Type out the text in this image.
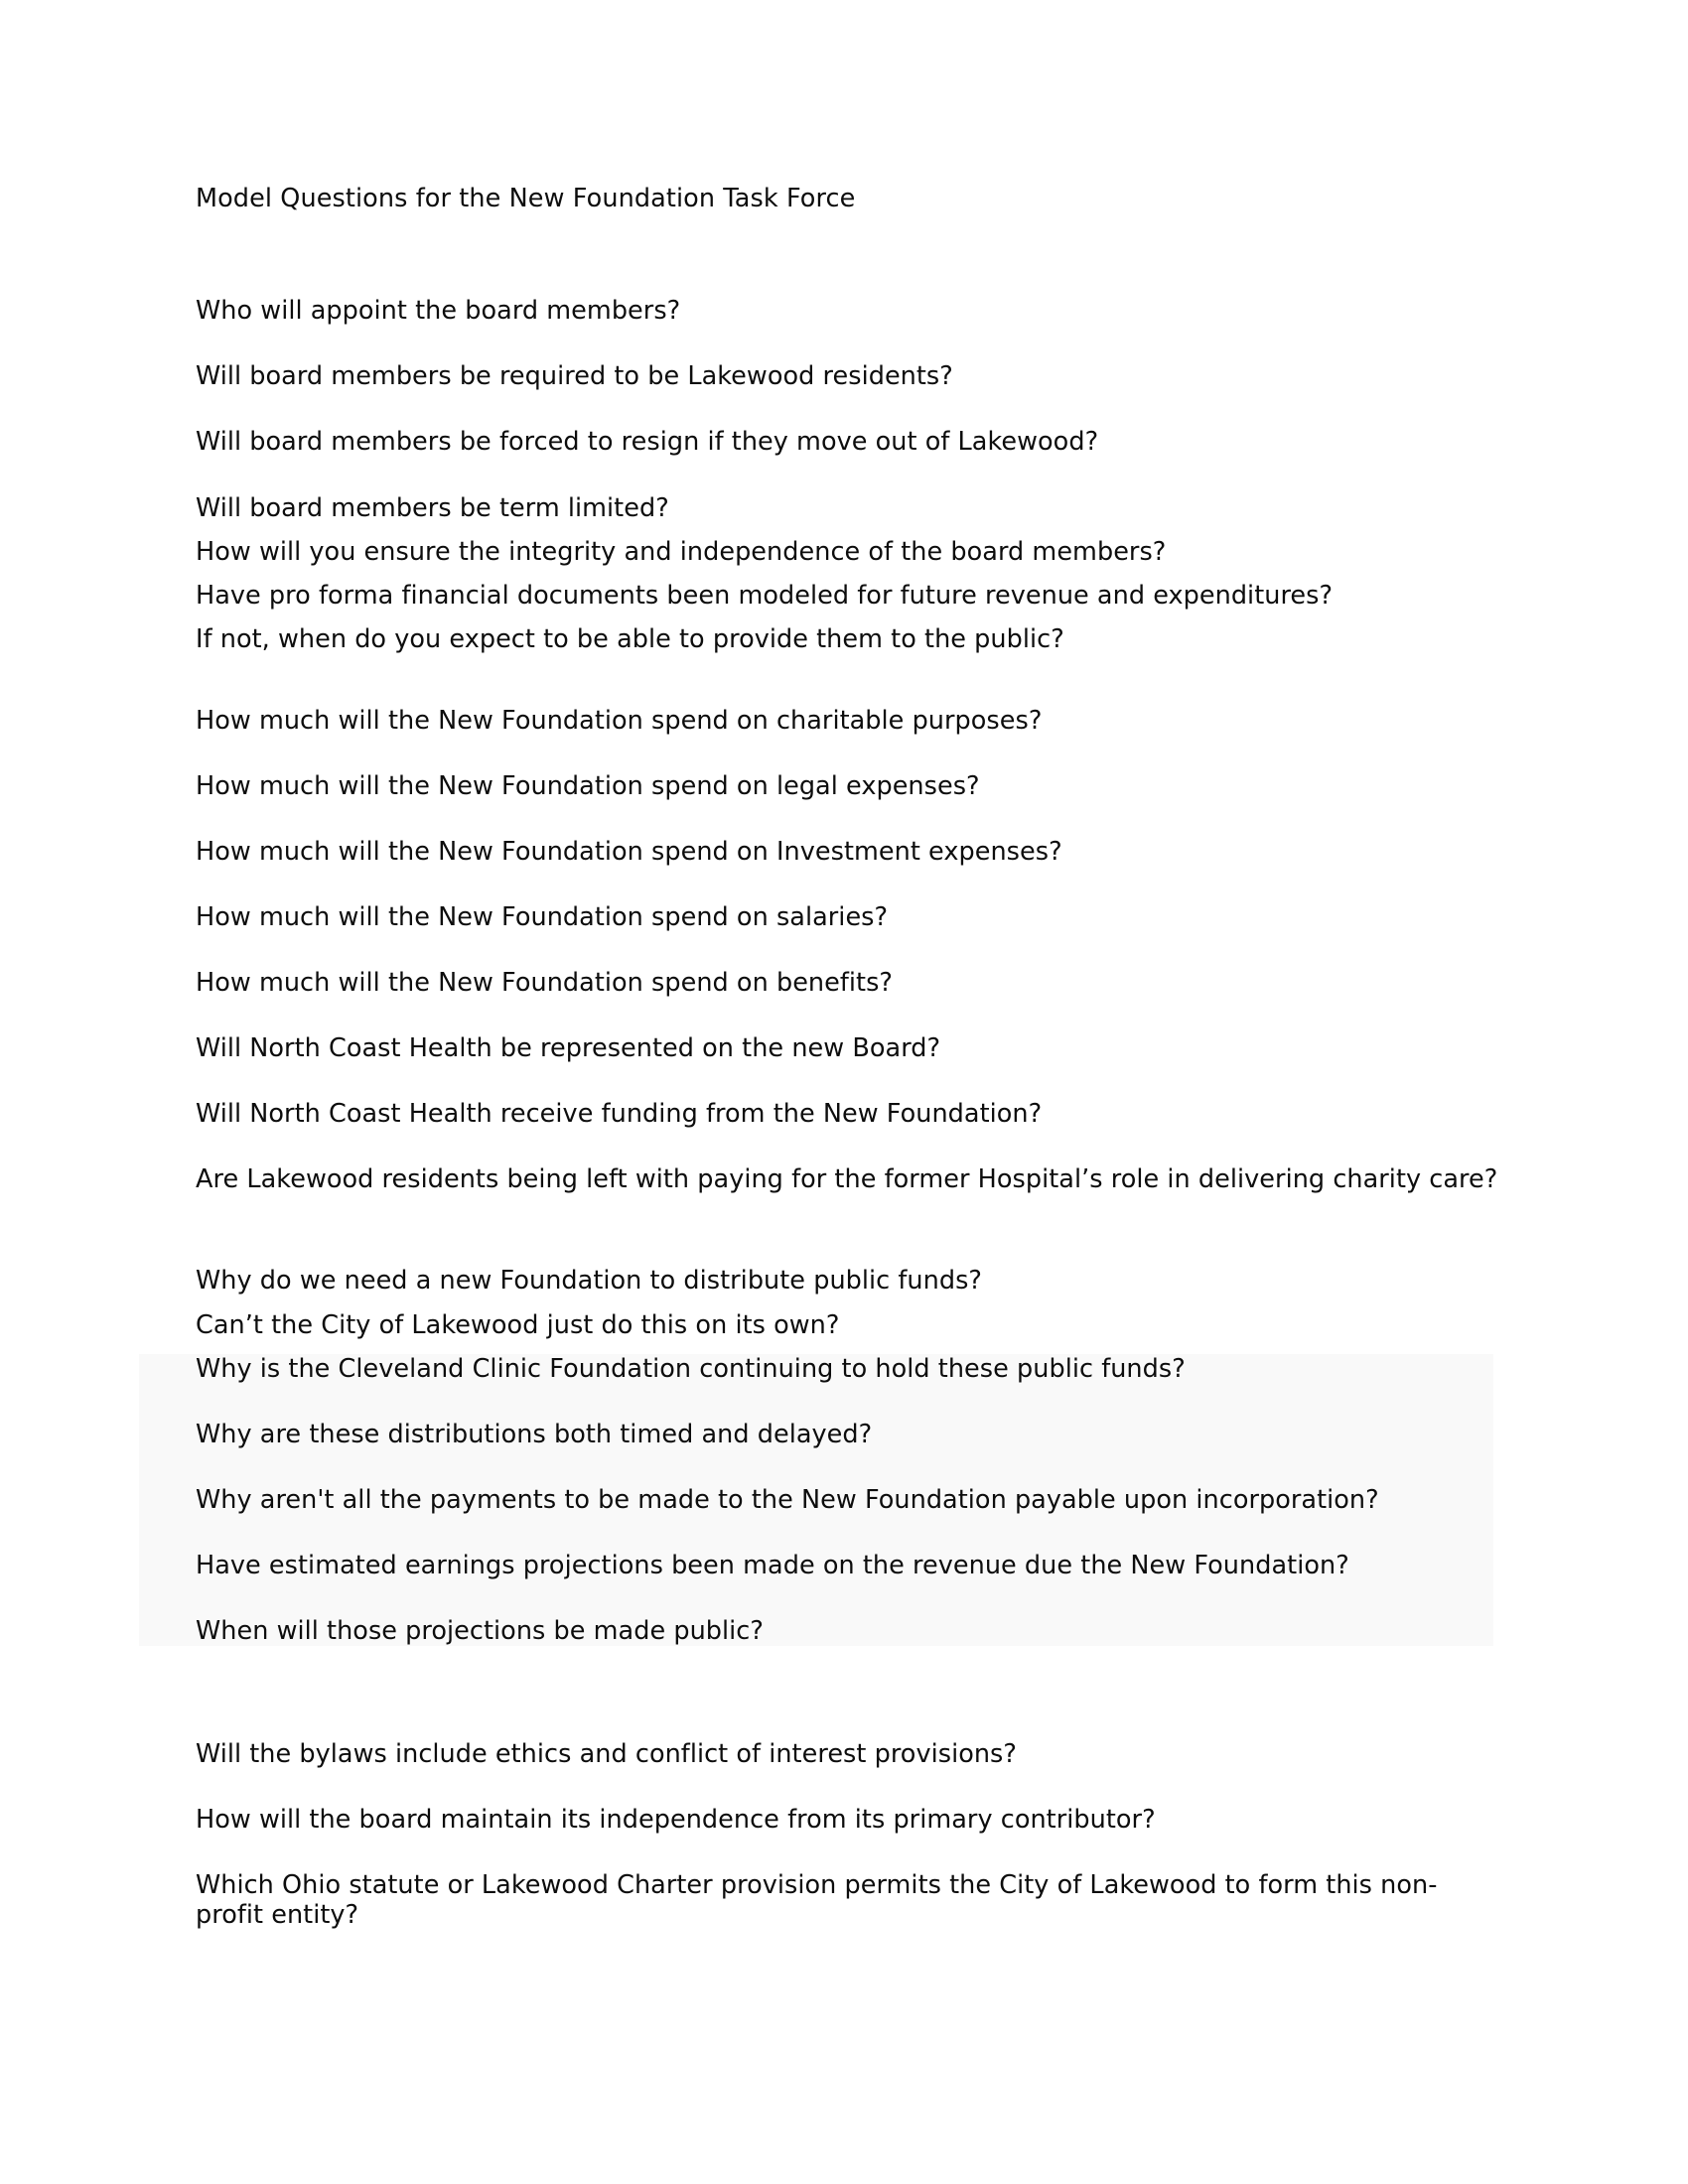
Model Questions for the New Foundation Task Force

Who will appoint the board members?

Will board members be required to be Lakewood residents?

Will board members be forced to resign if they move out of Lakewood?

Will board members be term limited?

How will you ensure the integrity and independence of the board members?

Have pro forma financial documents been modeled for future revenue and expenditures?

If not, when do you expect to be able to provide them to the public?

How much will the New Foundation spend on charitable purposes?

How much will the New Foundation spend on legal expenses?

How much will the New Foundation spend on Investment expenses?

How much will the New Foundation spend on salaries?

How much will the New Foundation spend on benefits?

Will North Coast Health be represented on the new Board?

Will North Coast Health receive funding from the New Foundation?

Are Lakewood residents being left with paying for the former Hospital’s role in delivering charity care?

Why do we need a new Foundation to distribute public funds?

Can’t the City of Lakewood just do this on its own?

Why is the Cleveland Clinic Foundation continuing to hold these public funds?

Why are these distributions both timed and delayed?

Why aren't all the payments to be made to the New Foundation payable upon incorporation?

Have estimated earnings projections been made on the revenue due the New Foundation?

When will those projections be made public?

Will the bylaws include ethics and conflict of interest provisions?

How will the board maintain its independence from its primary contributor?

Which Ohio statute or Lakewood Charter provision permits the City of Lakewood to form this non-profit entity?
